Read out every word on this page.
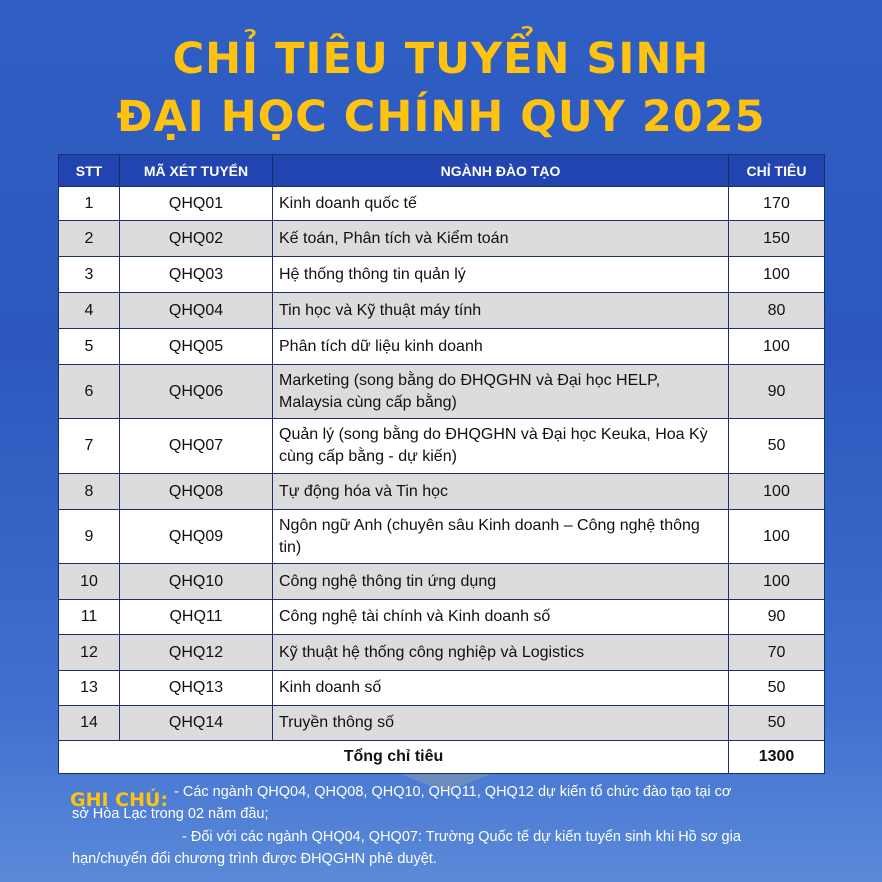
CHỈ TIÊU TUYỂN SINH
ĐẠI HỌC CHÍNH QUY 2025
STT	MÃ XÉT TUYỂN	NGÀNH ĐÀO TẠO	CHỈ TIÊU
1	QHQ01	Kinh doanh quốc tế	170
2	QHQ02	Kế toán, Phân tích và Kiểm toán	150
3	QHQ03	Hệ thống thông tin quản lý	100
4	QHQ04	Tin học và Kỹ thuật máy tính	80
5	QHQ05	Phân tích dữ liệu kinh doanh	100
6	QHQ06	Marketing (song bằng do ĐHQGHN và Đại học HELP, Malaysia cùng cấp bằng)	90
7	QHQ07	Quản lý (song bằng do ĐHQGHN và Đại học Keuka, Hoa Kỳ cùng cấp bằng - dự kiến)	50
8	QHQ08	Tự động hóa và Tin học	100
9	QHQ09	Ngôn ngữ Anh (chuyên sâu Kinh doanh – Công nghệ thông tin)	100
10	QHQ10	Công nghệ thông tin ứng dụng	100
11	QHQ11	Công nghệ tài chính và Kinh doanh số	90
12	QHQ12	Kỹ thuật hệ thống công nghiệp và Logistics	70
13	QHQ13	Kinh doanh số	50
14	QHQ14	Truyền thông số	50
Tổng chỉ tiêu			1300
GHI CHÚ: - Các ngành QHQ04, QHQ08, QHQ10, QHQ11, QHQ12 dự kiến tổ chức đào tạo tại cơ
sở Hòa Lạc trong 02 năm đầu;
- Đối với các ngành QHQ04, QHQ07: Trường Quốc tế dự kiến tuyển sinh khi Hồ sơ gia
hạn/chuyển đổi chương trình được ĐHQGHN phê duyệt.
